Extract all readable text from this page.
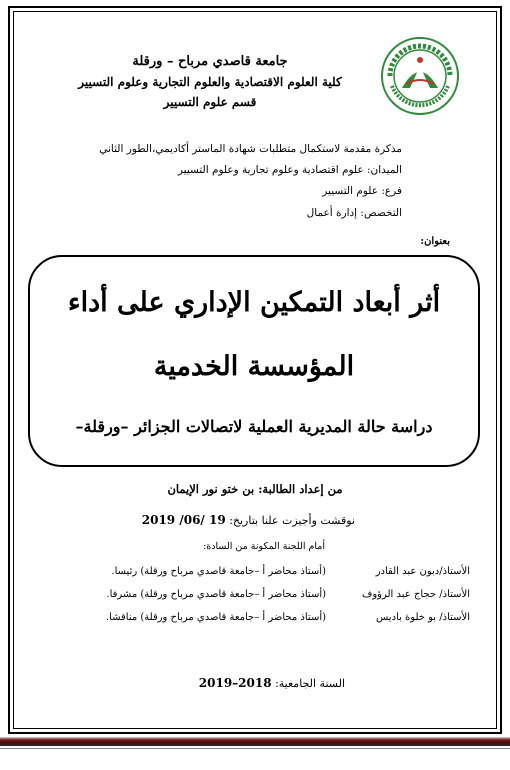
جامعة قاصدي مرباح – ورقلة
كلية العلوم الاقتصادية والعلوم التجارية وعلوم التسيير
قسم علوم التسيير
مذكرة مقدمة لاستكمال متطلبات شهادة الماستر أكاديمي،الطور الثاني
الميدان: علوم اقتصادية وعلوم تجارية وعلوم التسيير
فرع: علوم التسيير
التخصص: إدارة أعمال
بعنوان:
أثر أبعاد التمكين الإداري على أداء
المؤسسة الخدمية
دراسة حالة المديرية العملية لاتصالات الجزائر –ورقلة–
من إعداد الطالبة: بن ختو نور الإيمان
نوقشت وأجيزت علنا بتاريخ: 19 /06/ 2019
أمام اللجنة المكونة من السادة:
الأستاذ/دبون عبد القادر
(أستاذ محاضر أ –جامعة قاصدي مرباح ورقلة) رئيسا.
الأستاذ/ حجاج عبد الرؤوف
(أستاذ محاضر أ –جامعة قاصدي مرباح ورقلة) مشرفا.
الأستاذ/ بو خلوة باديس
(أستاذ محاضر أ –جامعة قاصدي مرباح ورقلة) مناقشا.
السنة الجامعية: 2018–2019
